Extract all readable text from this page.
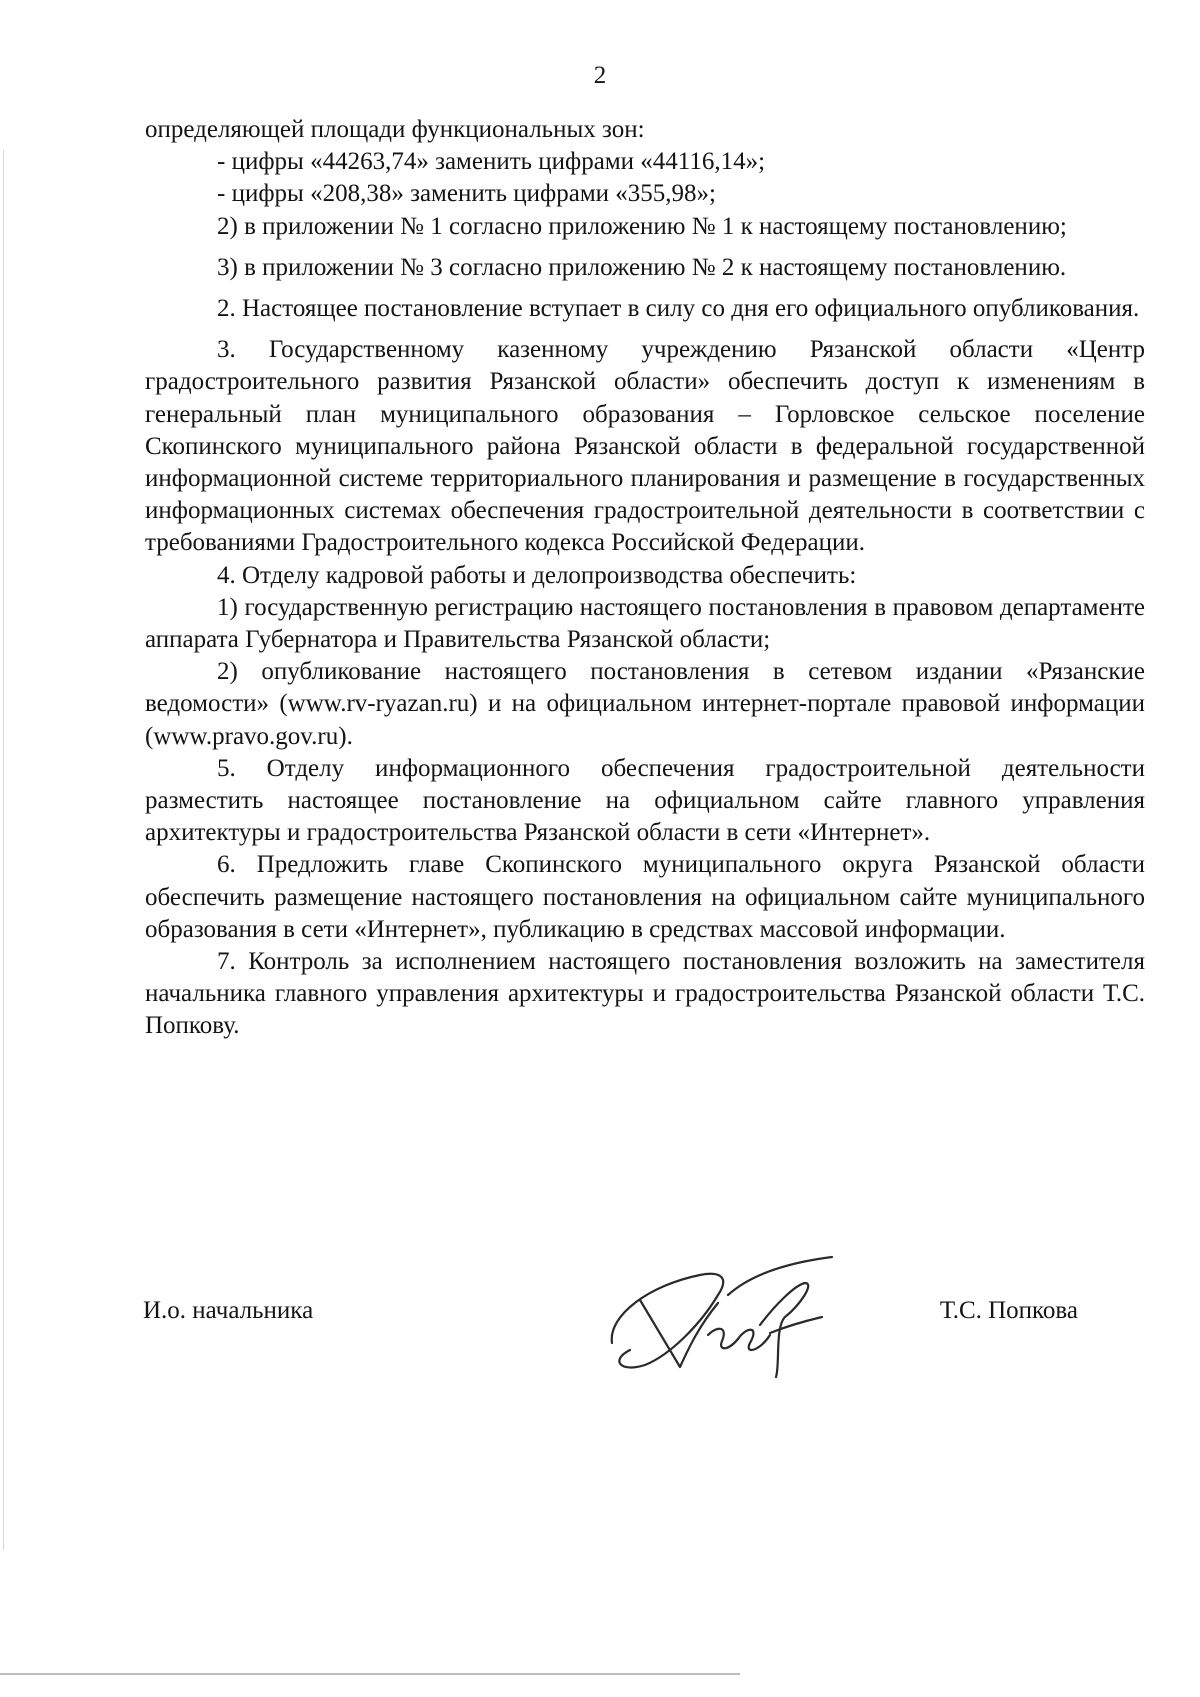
2

определяющей площади функциональных зон:

- цифры «44263,74» заменить цифрами «44116,14»;

- цифры «208,38» заменить цифрами «355,98»;

2) в приложении № 1 согласно приложению № 1 к настоящему постановлению;

3) в приложении № 3 согласно приложению № 2 к настоящему постановлению.

2. Настоящее постановление вступает в силу со дня его официального опубликования.

3. Государственному казенному учреждению Рязанской области «Центр градостроительного развития Рязанской области» обеспечить доступ к изменениям в генеральный план муниципального образования – Горловское сельское поселение Скопинского муниципального района Рязанской области в федеральной государственной информационной системе территориального планирования и размещение в государственных информационных системах обеспечения градостроительной деятельности в соответствии с требованиями Градостроительного кодекса Российской Федерации.

4. Отделу кадровой работы и делопроизводства обеспечить:

1) государственную регистрацию настоящего постановления в правовом департаменте аппарата Губернатора и Правительства Рязанской области;

2) опубликование настоящего постановления в сетевом издании «Рязанские ведомости» (www.rv-ryazan.ru) и на официальном интернет-портале правовой информации (www.pravo.gov.ru).

5. Отделу информационного обеспечения градостроительной деятельности разместить настоящее постановление на официальном сайте главного управления архитектуры и градостроительства Рязанской области в сети «Интернет».

6. Предложить главе Скопинского муниципального округа Рязанской области обеспечить размещение настоящего постановления на официальном сайте муниципального образования в сети «Интернет», публикацию в средствах массовой информации.

7. Контроль за исполнением настоящего постановления возложить на заместителя начальника главного управления архитектуры и градостроительства Рязанской области Т.С. Попкову.

И.о. начальника	Т.С. Попкова
